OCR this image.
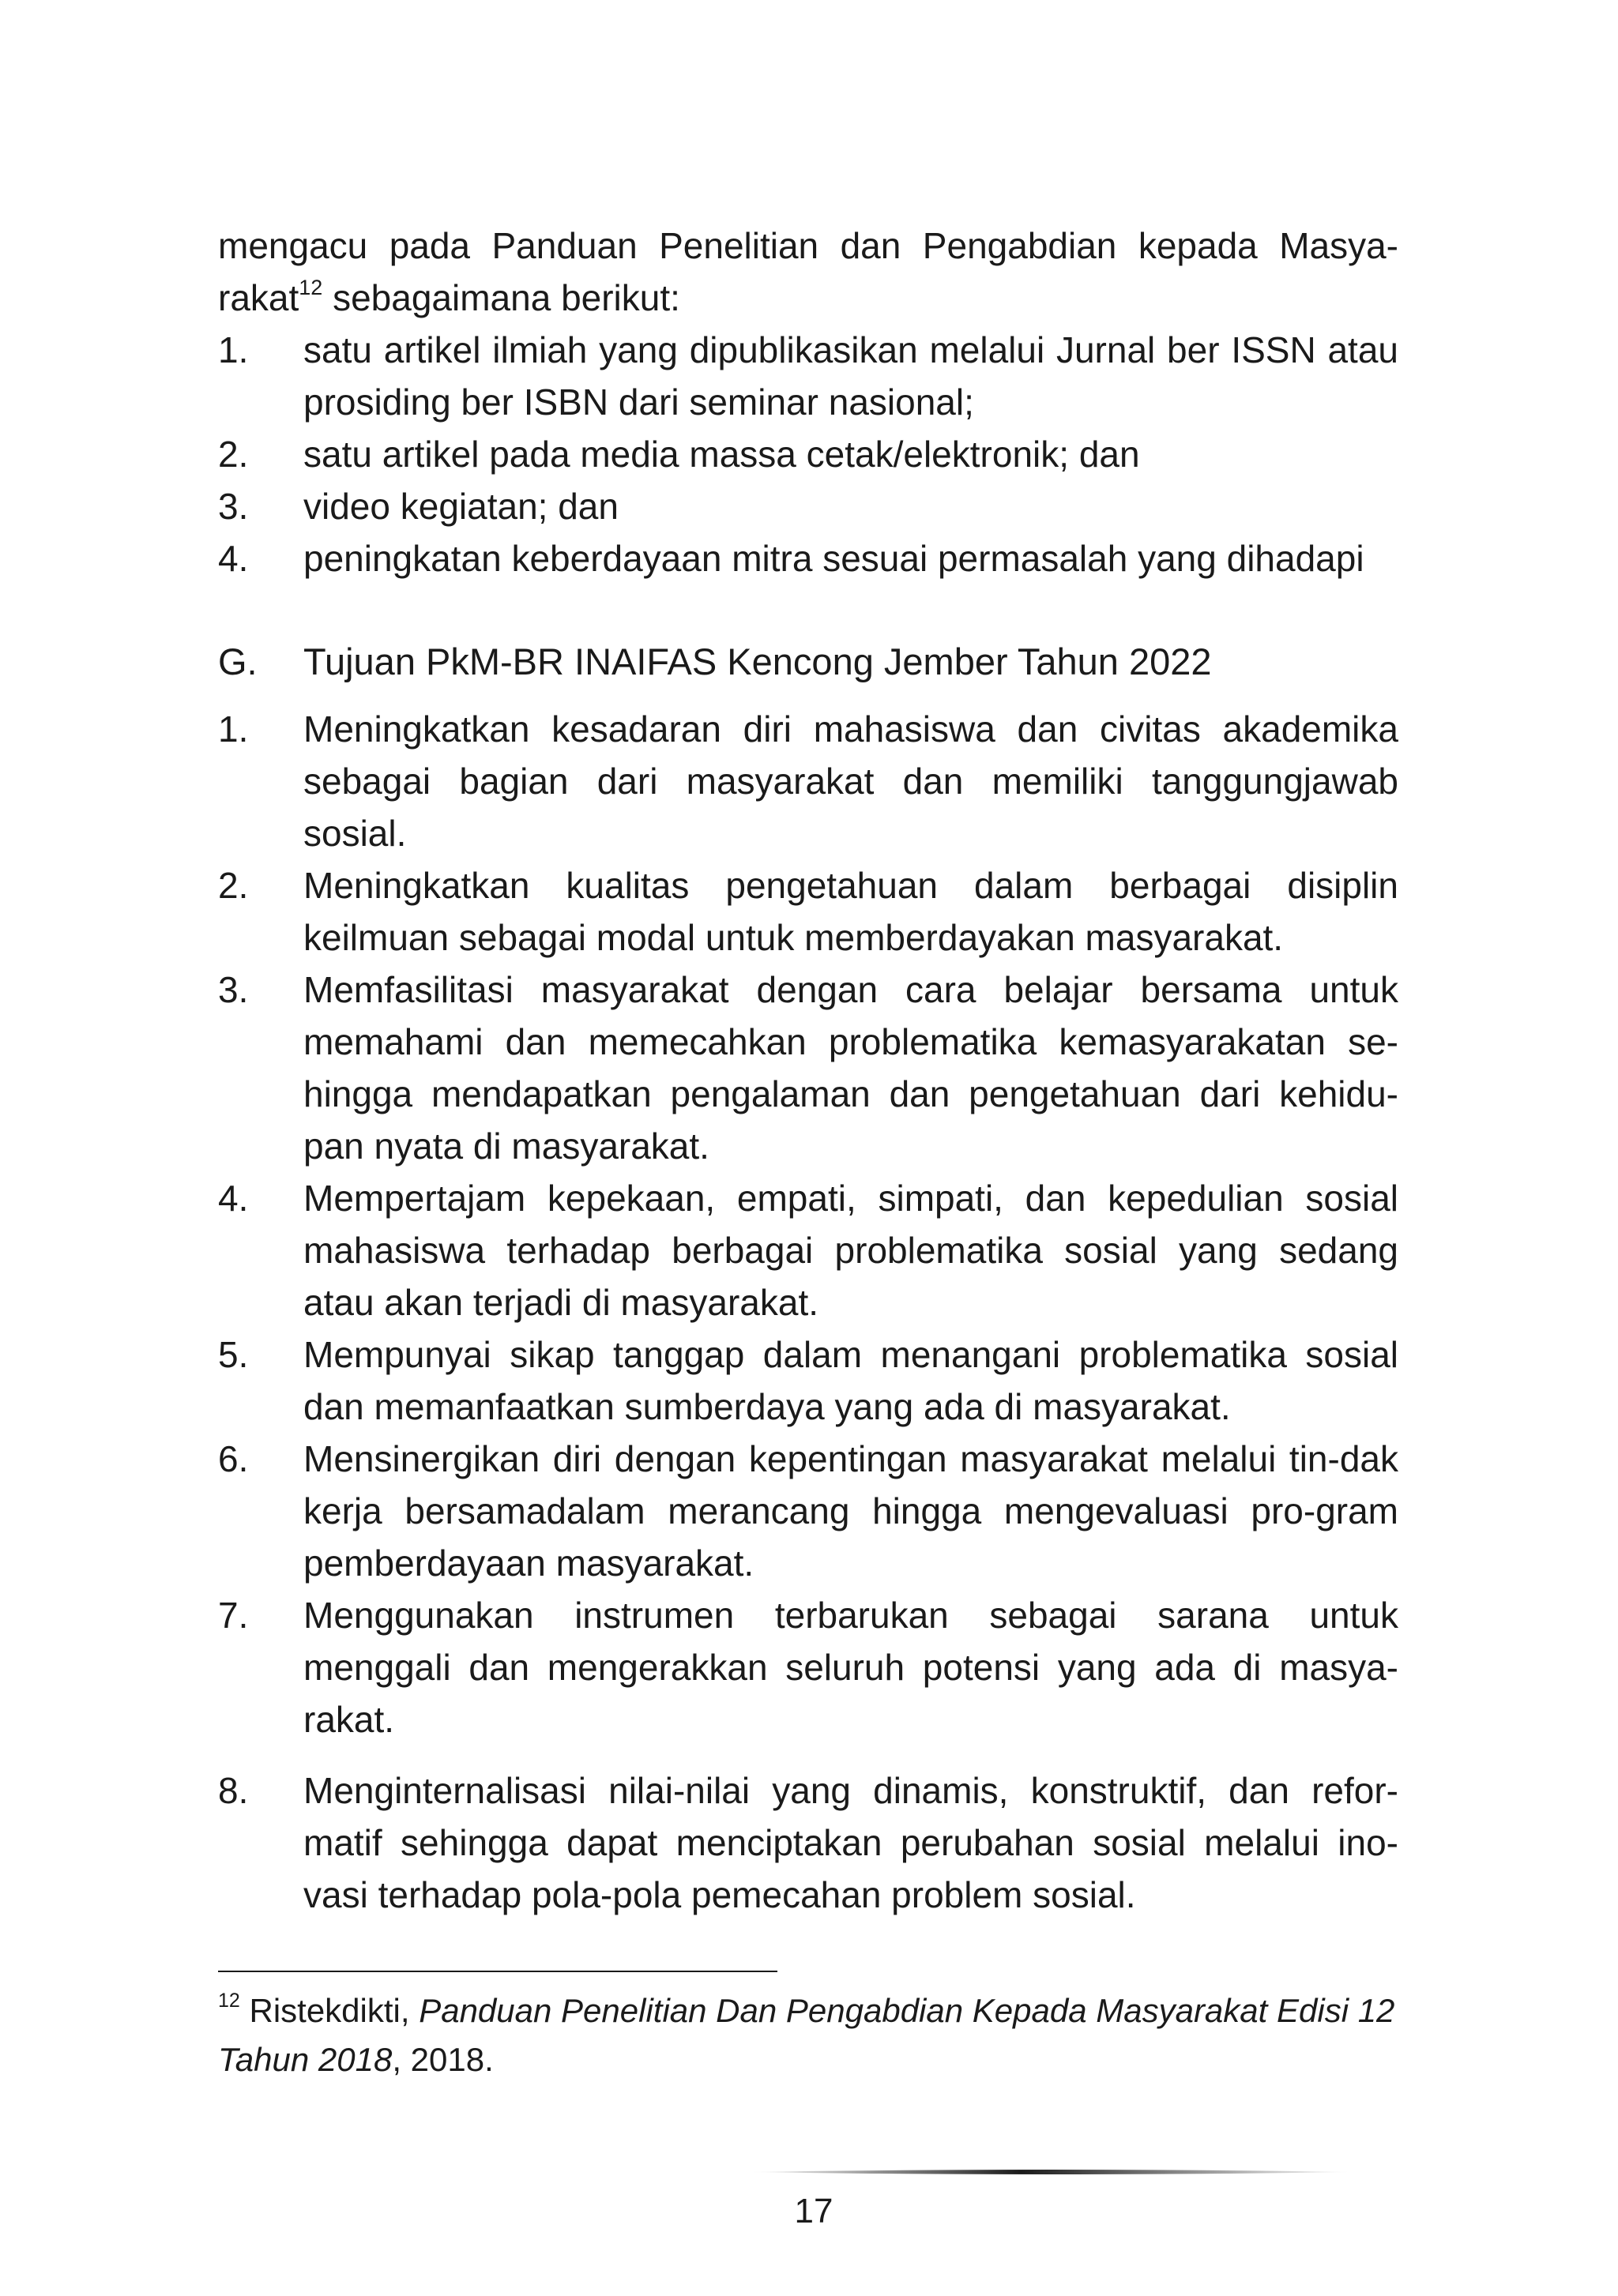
mengacu pada Panduan Penelitian dan Pengabdian kepada Masya-

rakat$^{12}$ sebagaimana berikut:

1. satu artikel ilmiah yang dipublikasikan melalui Jurnal ber ISSN atau prosiding ber ISBN dari seminar nasional;
2. satu artikel pada media massa cetak/elektronik; dan
3. video kegiatan; dan
4. peningkatan keberdayaan mitra sesuai permasalah yang dihadapi
G. Tujuan PkM-BR INAIFAS Kencong Jember Tahun 2022
1. Meningkatkan kesadaran diri mahasiswa dan civitas akademika sebagai bagian dari masyarakat dan memiliki tanggungjawab sosial.
2. Meningkatkan kualitas pengetahuan dalam berbagai disiplin keilmuan sebagai modal untuk memberdayakan masyarakat.
3. Memfasilitasi masyarakat dengan cara belajar bersama untuk memahami dan memecahkan problematika kemasyarakatan se-hingga mendapatkan pengalaman dan pengetahuan dari kehidu-pan nyata di masyarakat.
4. Mempertajam kepekaan, empati, simpati, dan kepedulian sosial mahasiswa terhadap berbagai problematika sosial yang sedang atau akan terjadi di masyarakat.
5. Mempunyai sikap tanggap dalam menangani problematika sosial dan memanfaatkan sumberdaya yang ada di masyarakat.
6. Mensinergikan diri dengan kepentingan masyarakat melalui tin-dak kerja bersamadalam merancang hingga mengevaluasi pro-gram pemberdayaan masyarakat.
7. Menggunakan instrumen terbarukan sebagai sarana untuk menggali dan mengerakkan seluruh potensi yang ada di masya-rakat.
8. Menginternalisasi nilai-nilai yang dinamis, konstruktif, dan refor-matif sehingga dapat menciptakan perubahan sosial melalui ino-vasi terhadap pola-pola pemecahan problem sosial.

$^{12}$ Ristekdikti, Panduan Penelitian Dan Pengabdian Kepada Masyarakat Edisi 12 Tahun 2018, 2018.

17
